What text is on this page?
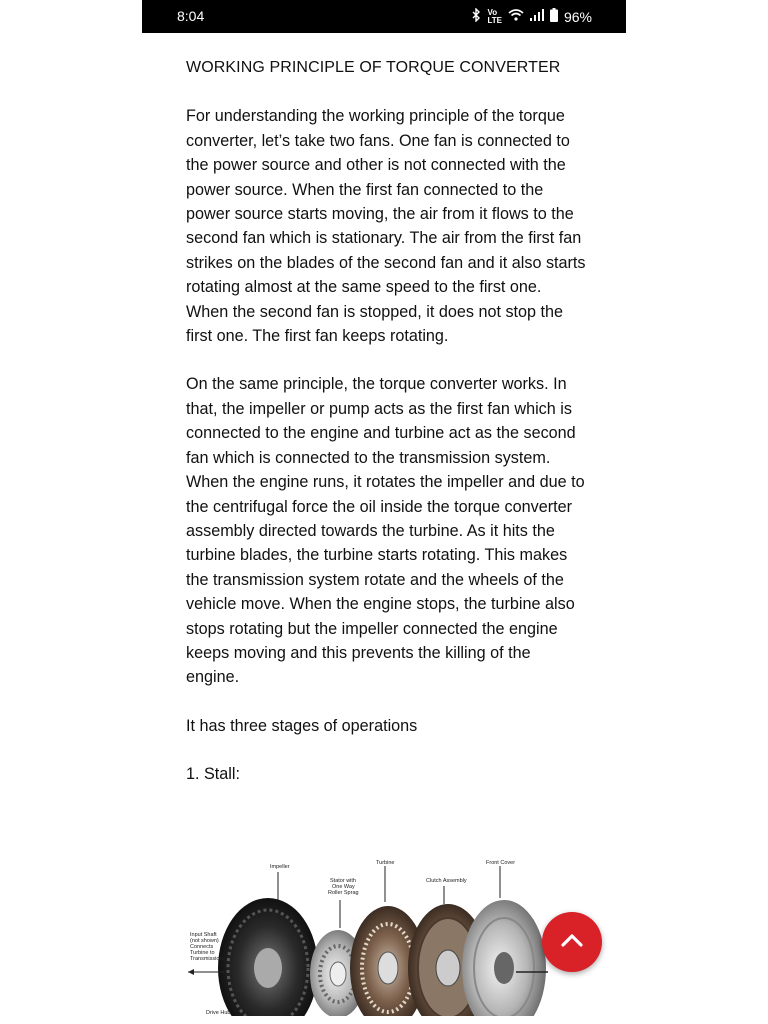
8:04	Vo
LTE	96%

WORKING PRINCIPLE OF TORQUE CONVERTER

For understanding the working principle of the torque converter, let’s take two fans. One fan is connected to the power source and other is not connected with the power source. When the first fan connected to the power source starts moving, the air from it flows to the second fan which is stationary. The air from the first fan strikes on the blades of the second fan and it also starts rotating almost at the same speed to the first one. When the second fan is stopped, it does not stop the first one. The first fan keeps rotating.

On the same principle, the torque converter works. In that, the impeller or pump acts as the first fan which is connected to the engine and turbine act as the second fan which is connected to the transmission system. When the engine runs, it rotates the impeller and due to the centrifugal force the oil inside the torque converter assembly directed towards the turbine. As it hits the turbine blades, the turbine starts rotating. This makes the transmission system rotate and the wheels of the vehicle move. When the engine stops, the turbine also stops rotating but the impeller connected the engine keeps moving and this prevents the killing of the engine.

It has three stages of operations

1. Stall:

Impeller
Turbine	Front Cover
Stator with One Way Roller Sprag
Clutch Assembly
Input Shaft (not shown) Connects Turbine to Transmissions
Drive Hub
